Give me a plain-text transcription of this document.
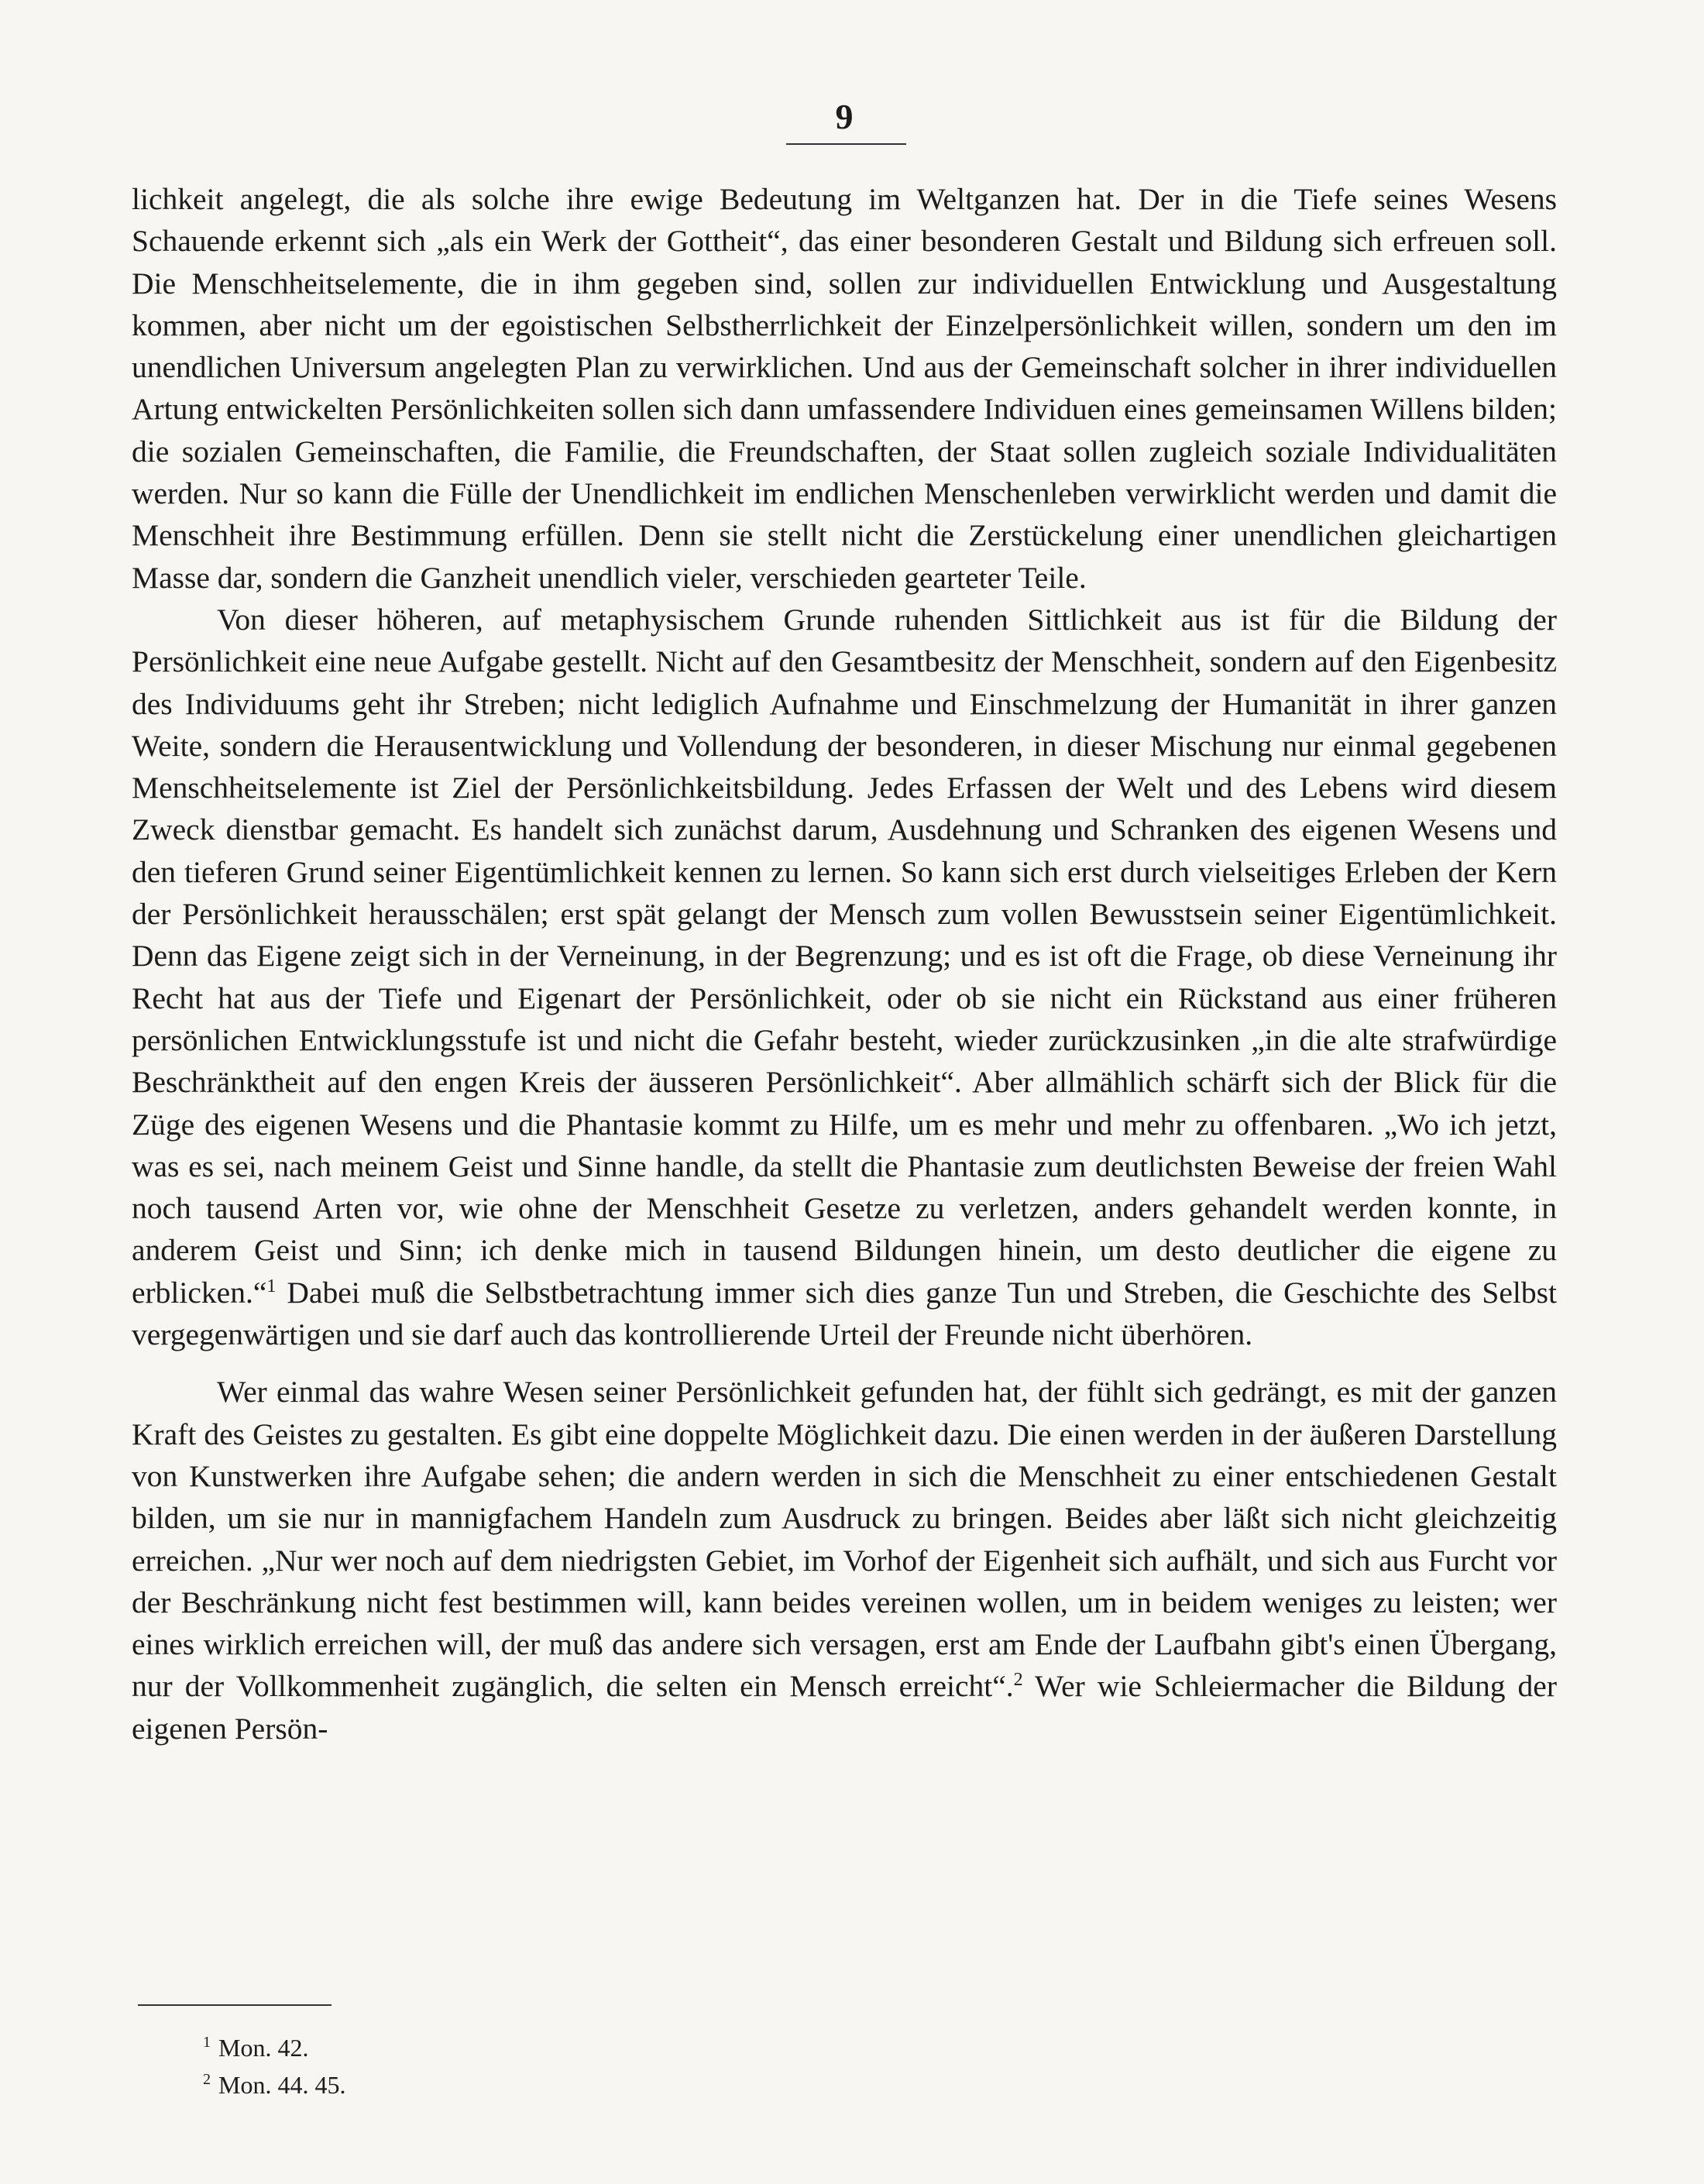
9

lichkeit angelegt, die als solche ihre ewige Bedeutung im Weltganzen hat. Der in die Tiefe seines Wesens Schauende erkennt sich „als ein Werk der Gottheit“, das einer besonderen Gestalt und Bildung sich erfreuen soll. Die Menschheitselemente, die in ihm gegeben sind, sollen zur individuellen Entwicklung und Ausgestaltung kommen, aber nicht um der egoistischen Selbstherrlichkeit der Einzelpersönlichkeit willen, sondern um den im unendlichen Universum angelegten Plan zu verwirklichen. Und aus der Gemeinschaft solcher in ihrer individuellen Artung entwickelten Persönlichkeiten sollen sich dann umfassendere Individuen eines gemeinsamen Willens bilden; die sozialen Gemeinschaften, die Familie, die Freundschaften, der Staat sollen zugleich soziale Individualitäten werden. Nur so kann die Fülle der Unendlichkeit im endlichen Menschenleben verwirklicht werden und damit die Menschheit ihre Bestimmung erfüllen. Denn sie stellt nicht die Zerstückelung einer unendlichen gleichartigen Masse dar, sondern die Ganzheit unendlich vieler, verschieden gearteter Teile.

Von dieser höheren, auf metaphysischem Grunde ruhenden Sittlichkeit aus ist für die Bildung der Persönlichkeit eine neue Aufgabe gestellt. Nicht auf den Gesamtbesitz der Menschheit, sondern auf den Eigenbesitz des Individuums geht ihr Streben; nicht lediglich Aufnahme und Einschmelzung der Humanität in ihrer ganzen Weite, sondern die Herausentwicklung und Vollendung der besonderen, in dieser Mischung nur einmal gegebenen Menschheitselemente ist Ziel der Persönlichkeitsbildung. Jedes Erfassen der Welt und des Lebens wird diesem Zweck dienstbar gemacht. Es handelt sich zunächst darum, Ausdehnung und Schranken des eigenen Wesens und den tieferen Grund seiner Eigentümlichkeit kennen zu lernen. So kann sich erst durch vielseitiges Erleben der Kern der Persönlichkeit herausschälen; erst spät gelangt der Mensch zum vollen Bewusstsein seiner Eigentümlichkeit. Denn das Eigene zeigt sich in der Verneinung, in der Begrenzung; und es ist oft die Frage, ob diese Verneinung ihr Recht hat aus der Tiefe und Eigenart der Persönlichkeit, oder ob sie nicht ein Rückstand aus einer früheren persönlichen Entwicklungsstufe ist und nicht die Gefahr besteht, wieder zurückzusinken „in die alte strafwürdige Beschränktheit auf den engen Kreis der äusseren Persönlichkeit“. Aber allmählich schärft sich der Blick für die Züge des eigenen Wesens und die Phantasie kommt zu Hilfe, um es mehr und mehr zu offenbaren. „Wo ich jetzt, was es sei, nach meinem Geist und Sinne handle, da stellt die Phantasie zum deutlichsten Beweise der freien Wahl noch tausend Arten vor, wie ohne der Menschheit Gesetze zu verletzen, anders gehandelt werden konnte, in anderem Geist und Sinn; ich denke mich in tausend Bildungen hinein, um desto deutlicher die eigene zu erblicken.“$^1$ Dabei muß die Selbstbetrachtung immer sich dies ganze Tun und Streben, die Geschichte des Selbst vergegenwärtigen und sie darf auch das kontrollierende Urteil der Freunde nicht überhören.

Wer einmal das wahre Wesen seiner Persönlichkeit gefunden hat, der fühlt sich gedrängt, es mit der ganzen Kraft des Geistes zu gestalten. Es gibt eine doppelte Möglichkeit dazu. Die einen werden in der äußeren Darstellung von Kunstwerken ihre Aufgabe sehen; die andern werden in sich die Menschheit zu einer entschiedenen Gestalt bilden, um sie nur in mannigfachem Handeln zum Ausdruck zu bringen. Beides aber läßt sich nicht gleichzeitig erreichen. „Nur wer noch auf dem niedrigsten Gebiet, im Vorhof der Eigenheit sich aufhält, und sich aus Furcht vor der Beschränkung nicht fest bestimmen will, kann beides vereinen wollen, um in beidem weniges zu leisten; wer eines wirklich erreichen will, der muß das andere sich versagen, erst am Ende der Laufbahn gibt's einen Übergang, nur der Vollkommenheit zugänglich, die selten ein Mensch erreicht“.$^2$ Wer wie Schleiermacher die Bildung der eigenen Persön-

$^1$ Mon. 42.
$^2$ Mon. 44. 45.
